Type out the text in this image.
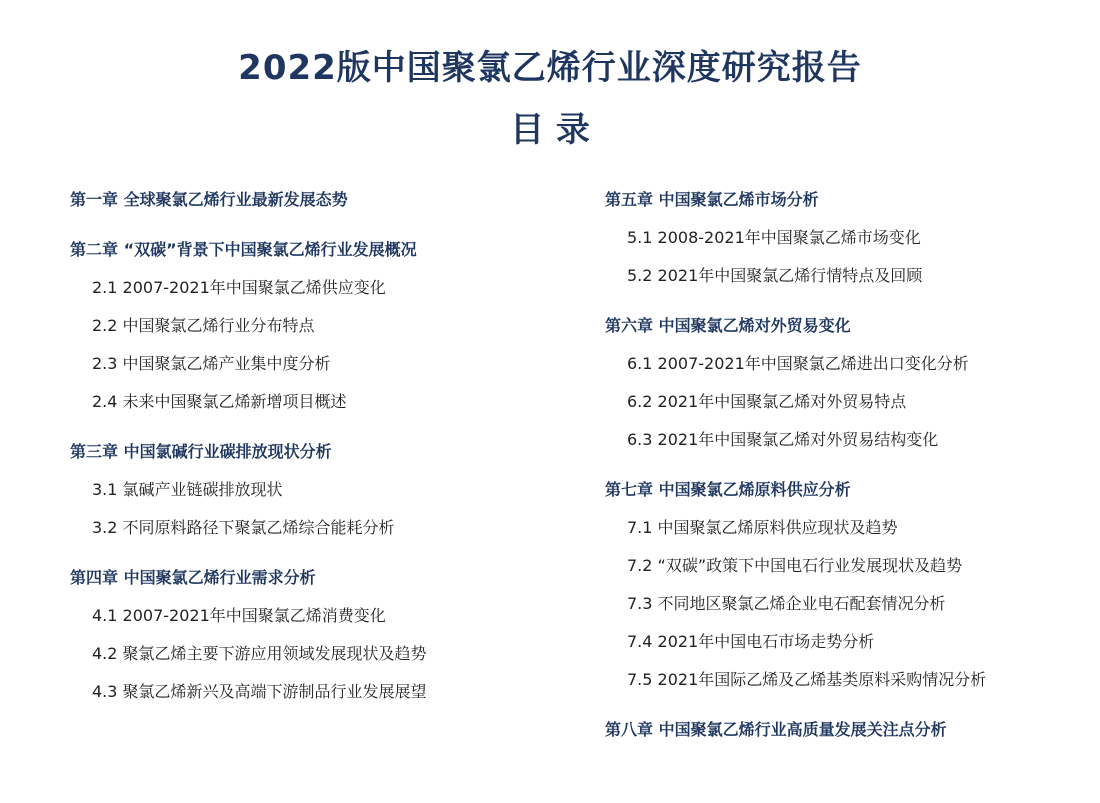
2022版中国聚氯乙烯行业深度研究报告
目 录
第一章 全球聚氯乙烯行业最新发展态势
第二章 “双碳”背景下中国聚氯乙烯行业发展概况
2.1 2007-2021年中国聚氯乙烯供应变化
2.2 中国聚氯乙烯行业分布特点
2.3 中国聚氯乙烯产业集中度分析
2.4 未来中国聚氯乙烯新增项目概述
第三章 中国氯碱行业碳排放现状分析
3.1 氯碱产业链碳排放现状
3.2 不同原料路径下聚氯乙烯综合能耗分析
第四章 中国聚氯乙烯行业需求分析
4.1 2007-2021年中国聚氯乙烯消费变化
4.2 聚氯乙烯主要下游应用领域发展现状及趋势
4.3 聚氯乙烯新兴及高端下游制品行业发展展望
第五章 中国聚氯乙烯市场分析
5.1 2008-2021年中国聚氯乙烯市场变化
5.2 2021年中国聚氯乙烯行情特点及回顾
第六章 中国聚氯乙烯对外贸易变化
6.1 2007-2021年中国聚氯乙烯进出口变化分析
6.2 2021年中国聚氯乙烯对外贸易特点
6.3 2021年中国聚氯乙烯对外贸易结构变化
第七章 中国聚氯乙烯原料供应分析
7.1 中国聚氯乙烯原料供应现状及趋势
7.2 “双碳”政策下中国电石行业发展现状及趋势
7.3 不同地区聚氯乙烯企业电石配套情况分析
7.4 2021年中国电石市场走势分析
7.5 2021年国际乙烯及乙烯基类原料采购情况分析
第八章 中国聚氯乙烯行业高质量发展关注点分析
